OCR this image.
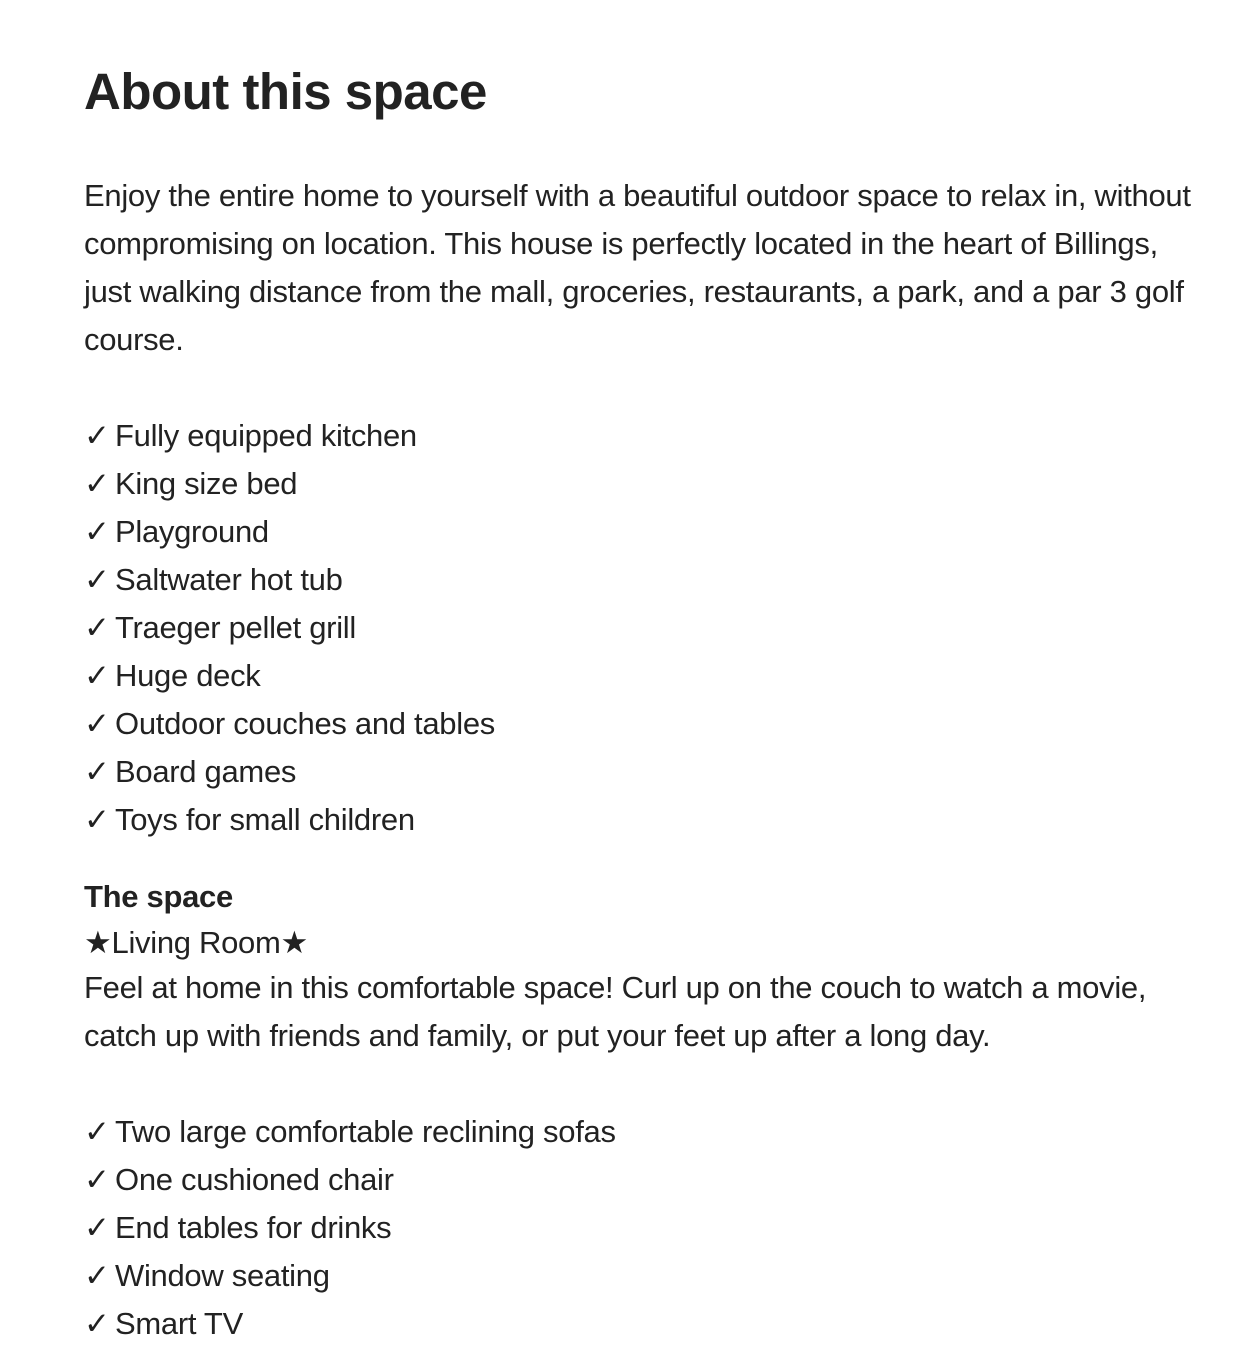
About this space

Enjoy the entire home to yourself with a beautiful outdoor space to relax in, without compromising on location. This house is perfectly located in the heart of Billings, just walking distance from the mall, groceries, restaurants, a park, and a par 3 golf course.

✓ Fully equipped kitchen
✓ King size bed
✓ Playground
✓ Saltwater hot tub
✓ Traeger pellet grill
✓ Huge deck
✓ Outdoor couches and tables
✓ Board games
✓ Toys for small children
The space

★Living Room★

Feel at home in this comfortable space! Curl up on the couch to watch a movie, catch up with friends and family, or put your feet up after a long day.

✓ Two large comfortable reclining sofas
✓ One cushioned chair
✓ End tables for drinks
✓ Window seating
✓ Smart TV
